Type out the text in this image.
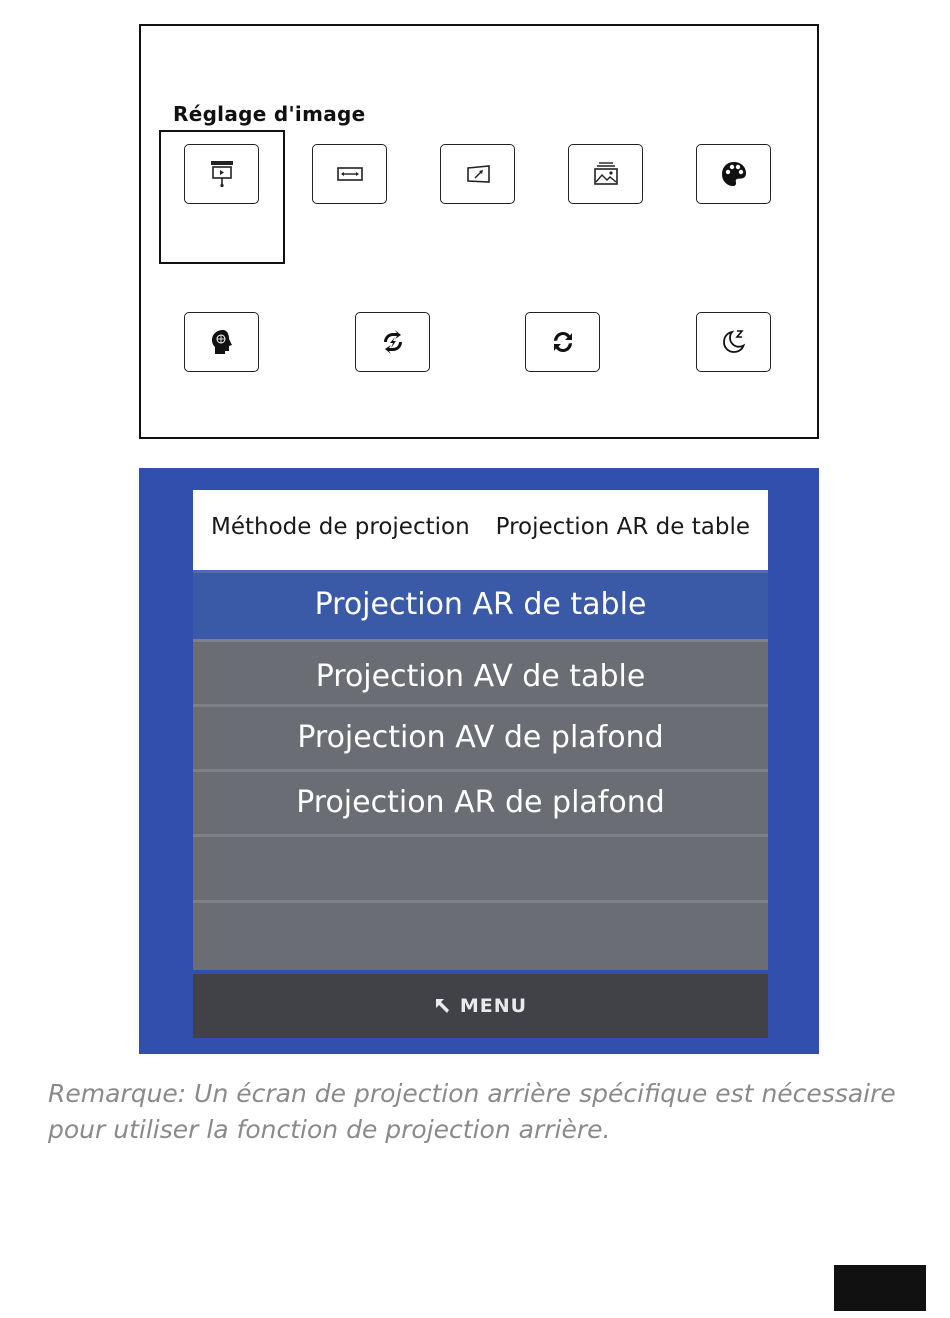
Réglage d'image
Méthode de projection Projection AR de table
Projection AR de table
Projection AV de table
Projection AV de plafond
Projection AR de plafond
MENU
Remarque: Un écran de projection arrière spécifique est nécessaire
pour utiliser la fonction de projection arrière.
